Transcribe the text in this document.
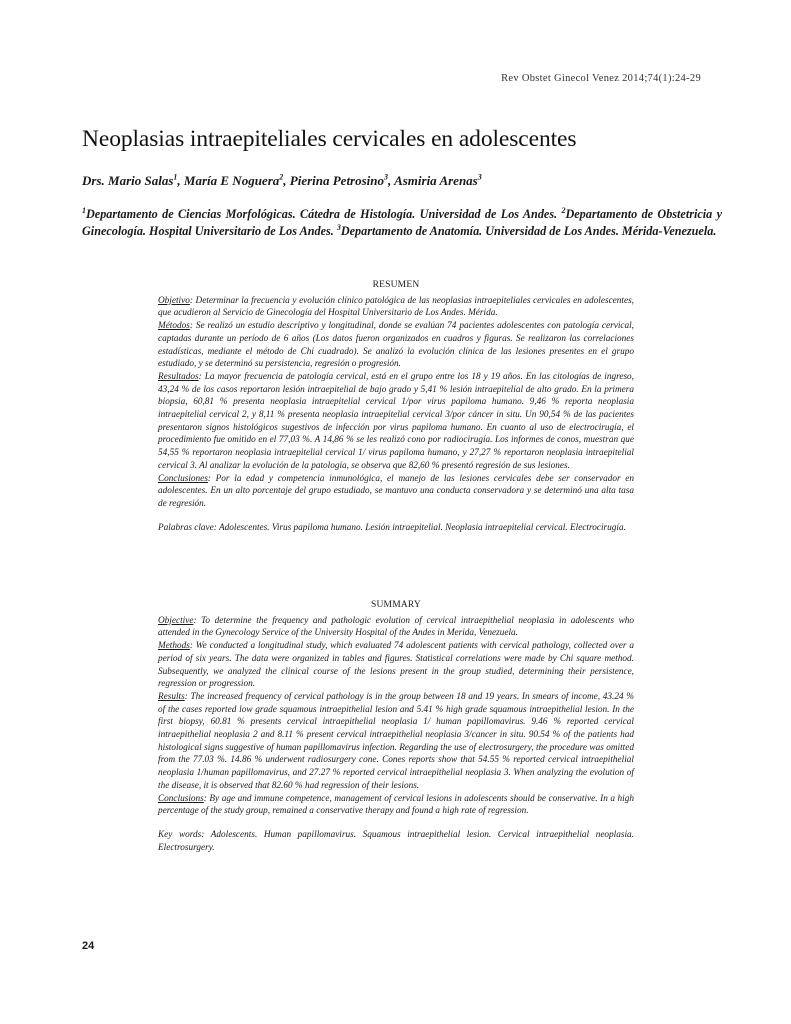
Rev Obstet Ginecol Venez 2014;74(1):24-29
Neoplasias intraepiteliales cervicales en adolescentes
Drs. Mario Salas$^1$, María E Noguera$^2$, Pierina Petrosino$^3$, Asmiria Arenas$^3$
$^1$Departamento de Ciencias Morfológicas. Cátedra de Histología. Universidad de Los Andes. $^2$Departamento de Obstetricia y Ginecología. Hospital Universitario de Los Andes. $^3$Departamento de Anatomía. Universidad de Los Andes. Mérida-Venezuela.

RESUMEN

Objetivo: Determinar la frecuencia y evolución clínico patológica de las neoplasias intraepiteliales cervicales en adolescentes, que acudieron al Servicio de Ginecología del Hospital Universitario de Los Andes. Mérida.

Métodos: Se realizó un estudio descriptivo y longitudinal, donde se evalúan 74 pacientes adolescentes con patología cervical, captadas durante un período de 6 años (Los datos fueron organizados en cuadros y figuras. Se realizaron las correlaciones estadísticas, mediante el método de Chi cuadrado). Se analizó la evolución clínica de las lesiones presentes en el grupo estudiado, y se determinó su persistencia, regresión o progresión.

Resultados: La mayor frecuencia de patología cervical, está en el grupo entre los 18 y 19 años. En las citologías de ingreso, 43,24 % de los casos reportaron lesión intraepitelial de bajo grado y 5,41 % lesión intraepitelial de alto grado. En la primera biopsia, 60,81 % presenta neoplasia intraepitelial cervical 1/por virus papiloma humano. 9,46 % reporta neoplasia intraepitelial cervical 2, y 8,11 % presenta neoplasia intraepitelial cervical 3/por cáncer in situ. Un 90,54 % de las pacientes presentaron signos histológicos sugestivos de infección por virus papiloma humano. En cuanto al uso de electrocirugía, el procedimiento fue omitido en el 77,03 %. A 14,86 % se les realizó cono por radiocirugía. Los informes de conos, muestran que 54,55 % reportaron neoplasia intraepitelial cervical 1/ virus papiloma humano, y 27,27 % reportaron neoplasia intraepitelial cervical 3. Al analizar la evolución de la patología, se observa que 82,60 % presentó regresión de sus lesiones.

Conclusiones: Por la edad y competencia inmunológica, el manejo de las lesiones cervicales debe ser conservador en adolescentes. En un alto porcentaje del grupo estudiado, se mantuvo una conducta conservadora y se determinó una alta tasa de regresión.

Palabras clave: Adolescentes. Virus papiloma humano. Lesión intraepitelial. Neoplasia intraepitelial cervical. Electrocirugía.

SUMMARY

Objective: To determine the frequency and pathologic evolution of cervical intraepithelial neoplasia in adolescents who attended in the Gynecology Service of the University Hospital of the Andes in Merida, Venezuela.

Methods: We conducted a longitudinal study, which evaluated 74 adolescent patients with cervical pathology, collected over a period of six years. The data were organized in tables and figures. Statistical correlations were made by Chi square method. Subsequently, we analyzed the clinical course of the lesions present in the group studied, determining their persistence, regression or progression.

Results: The increased frequency of cervical pathology is in the group between 18 and 19 years. In smears of income, 43.24 % of the cases reported low grade squamous intraepithelial lesion and 5.41 % high grade squamous intraepithelial lesion. In the first biopsy, 60.81 % presents cervical intraepithelial neoplasia 1/ human papillomavirus. 9.46 % reported cervical intraepithelial neoplasia 2 and 8.11 % present cervical intraepithelial neoplasia 3/cancer in situ. 90.54 % of the patients had histological signs suggestive of human papillomavirus infection. Regarding the use of electrosurgery, the procedure was omitted from the 77.03 %. 14.86 % underwent radiosurgery cone. Cones reports show that 54.55 % reported cervical intraepithelial neoplasia 1/human papillomavirus, and 27.27 % reported cervical intraepithelial neoplasia 3. When analyzing the evolution of the disease, it is observed that 82.60 % had regression of their lesions.

Conclusions: By age and immune competence, management of cervical lesions in adolescents should be conservative. In a high percentage of the study group, remained a conservative therapy and found a high rate of regression.

Key words: Adolescents. Human papillomavirus. Squamous intraepithelial lesion. Cervical intraepithelial neoplasia. Electrosurgery.

24
